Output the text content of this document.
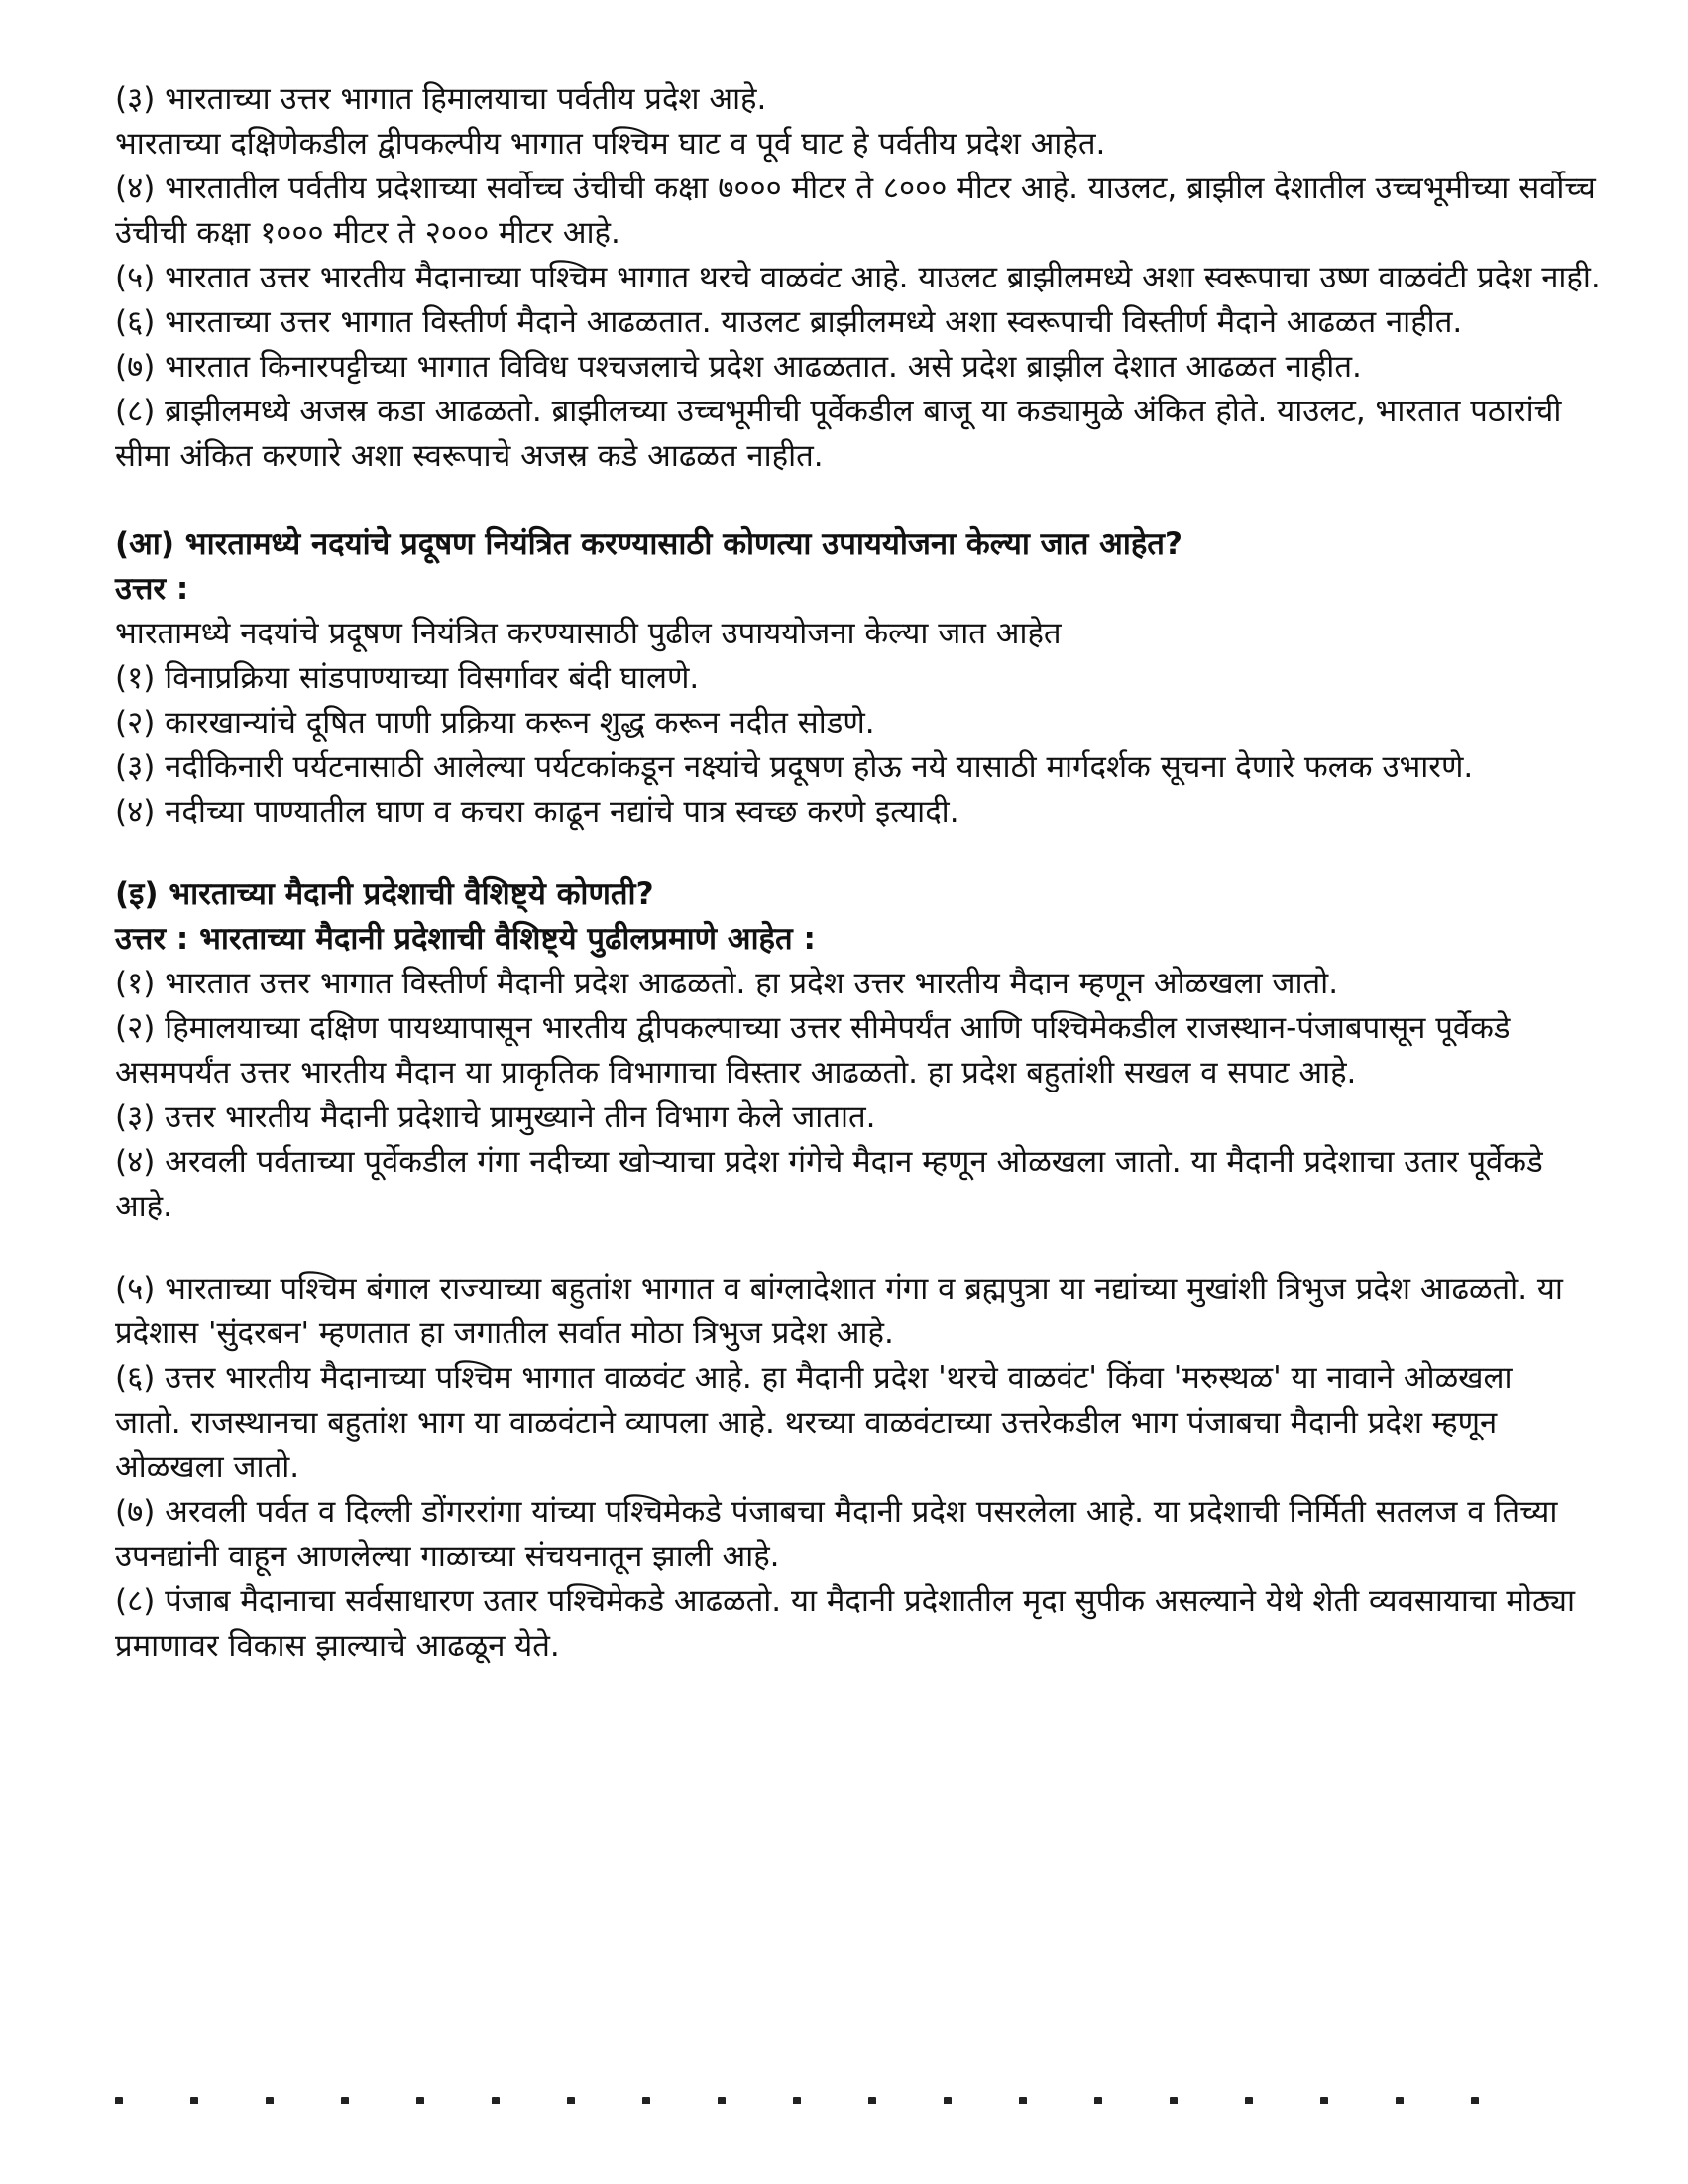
(३) भारताच्या उत्तर भागात हिमालयाचा पर्वतीय प्रदेश आहे.

भारताच्या दक्षिणेकडील द्वीपकल्पीय भागात पश्चिम घाट व पूर्व घाट हे पर्वतीय प्रदेश आहेत.

(४) भारतातील पर्वतीय प्रदेशाच्या सर्वोच्च उंचीची कक्षा ७००० मीटर ते ८००० मीटर आहे. याउलट, ब्राझील देशातील उच्चभूमीच्या सर्वोच्च उंचीची कक्षा १००० मीटर ते २००० मीटर आहे.

(५) भारतात उत्तर भारतीय मैदानाच्या पश्चिम भागात थरचे वाळवंट आहे. याउलट ब्राझीलमध्ये अशा स्वरूपाचा उष्ण वाळवंटी प्रदेश नाही.

(६) भारताच्या उत्तर भागात विस्तीर्ण मैदाने आढळतात. याउलट ब्राझीलमध्ये अशा स्वरूपाची विस्तीर्ण मैदाने आढळत नाहीत.

(७) भारतात किनारपट्टीच्या भागात विविध पश्चजलाचे प्रदेश आढळतात. असे प्रदेश ब्राझील देशात आढळत नाहीत.

(८) ब्राझीलमध्ये अजस्र कडा आढळतो. ब्राझीलच्या उच्चभूमीची पूर्वेकडील बाजू या कड्यामुळे अंकित होते. याउलट, भारतात पठारांची सीमा अंकित करणारे अशा स्वरूपाचे अजस्र कडे आढळत नाहीत.

(आ) भारतामध्ये नदयांचे प्रदूषण नियंत्रित करण्यासाठी कोणत्या उपाययोजना केल्या जात आहेत?

उत्तर :

भारतामध्ये नदयांचे प्रदूषण नियंत्रित करण्यासाठी पुढील उपाययोजना केल्या जात आहेत

(१) विनाप्रक्रिया सांडपाण्याच्या विसर्गावर बंदी घालणे.

(२) कारखान्यांचे दूषित पाणी प्रक्रिया करून शुद्ध करून नदीत सोडणे.

(३) नदीकिनारी पर्यटनासाठी आलेल्या पर्यटकांकडून नक्ष्यांचे प्रदूषण होऊ नये यासाठी मार्गदर्शक सूचना देणारे फलक उभारणे.

(४) नदीच्या पाण्यातील घाण व कचरा काढून नद्यांचे पात्र स्वच्छ करणे इत्यादी.

(इ) भारताच्या मैदानी प्रदेशाची वैशिष्ट्ये कोणती?

उत्तर : भारताच्या मैदानी प्रदेशाची वैशिष्ट्ये पुढीलप्रमाणे आहेत :

(१) भारतात उत्तर भागात विस्तीर्ण मैदानी प्रदेश आढळतो. हा प्रदेश उत्तर भारतीय मैदान म्हणून ओळखला जातो.

(२) हिमालयाच्या दक्षिण पायथ्यापासून भारतीय द्वीपकल्पाच्या उत्तर सीमेपर्यंत आणि पश्चिमेकडील राजस्थान-पंजाबपासून पूर्वेकडे असमपर्यंत उत्तर भारतीय मैदान या प्राकृतिक विभागाचा विस्तार आढळतो. हा प्रदेश बहुतांशी सखल व सपाट आहे.

(३) उत्तर भारतीय मैदानी प्रदेशाचे प्रामुख्याने तीन विभाग केले जातात.

(४) अरवली पर्वताच्या पूर्वेकडील गंगा नदीच्या खोऱ्याचा प्रदेश गंगेचे मैदान म्हणून ओळखला जातो. या मैदानी प्रदेशाचा उतार पूर्वेकडे आहे.

(५) भारताच्या पश्चिम बंगाल राज्याच्या बहुतांश भागात व बांग्लादेशात गंगा व ब्रह्मपुत्रा या नद्यांच्या मुखांशी त्रिभुज प्रदेश आढळतो. या प्रदेशास 'सुंदरबन' म्हणतात हा जगातील सर्वात मोठा त्रिभुज प्रदेश आहे.

(६) उत्तर भारतीय मैदानाच्या पश्चिम भागात वाळवंट आहे. हा मैदानी प्रदेश 'थरचे वाळवंट' किंवा 'मरुस्थळ' या नावाने ओळखला

जातो. राजस्थानचा बहुतांश भाग या वाळवंटाने व्यापला आहे. थरच्या वाळवंटाच्या उत्तरेकडील भाग पंजाबचा मैदानी प्रदेश म्हणून ओळखला जातो.

(७) अरवली पर्वत व दिल्ली डोंगररांगा यांच्या पश्चिमेकडे पंजाबचा मैदानी प्रदेश पसरलेला आहे. या प्रदेशाची निर्मिती सतलज व तिच्या उपनद्यांनी वाहून आणलेल्या गाळाच्या संचयनातून झाली आहे.

(८) पंजाब मैदानाचा सर्वसाधारण उतार पश्चिमेकडे आढळतो. या मैदानी प्रदेशातील मृदा सुपीक असल्याने येथे शेती व्यवसायाचा मोठ्या प्रमाणावर विकास झाल्याचे आढळून येते.
